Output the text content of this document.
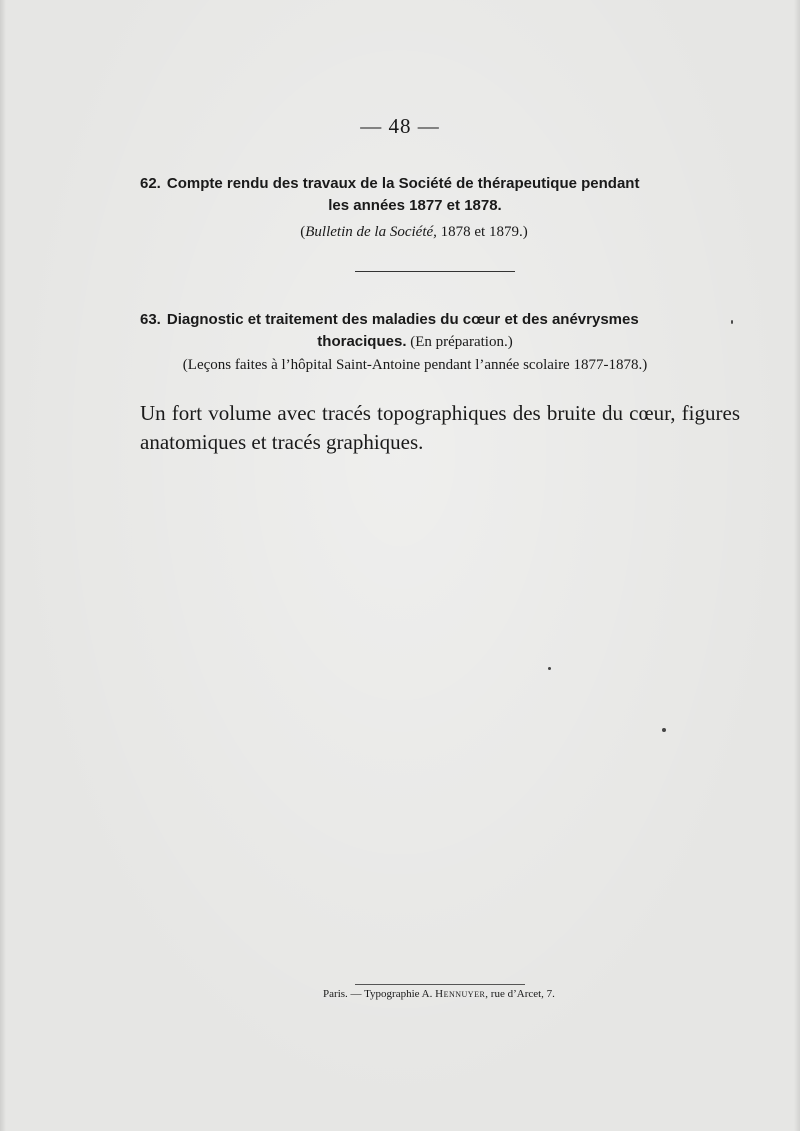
— 48 —

62. Compte rendu des travaux de la Société de thérapeutique pendant
les années 1877 et 1878.

(Bulletin de la Société, 1878 et 1879.)

63. Diagnostic et traitement des maladies du cœur et des anévrysmes
thoraciques. (En préparation.)

(Leçons faites à l’hôpital Saint-Antoine pendant l’année scolaire 1877-1878.)

Un fort volume avec tracés topographiques des bruite du cœur, figures anatomiques et tracés graphiques.

Paris. — Typographie A. Hennuyer, rue d’Arcet, 7.
